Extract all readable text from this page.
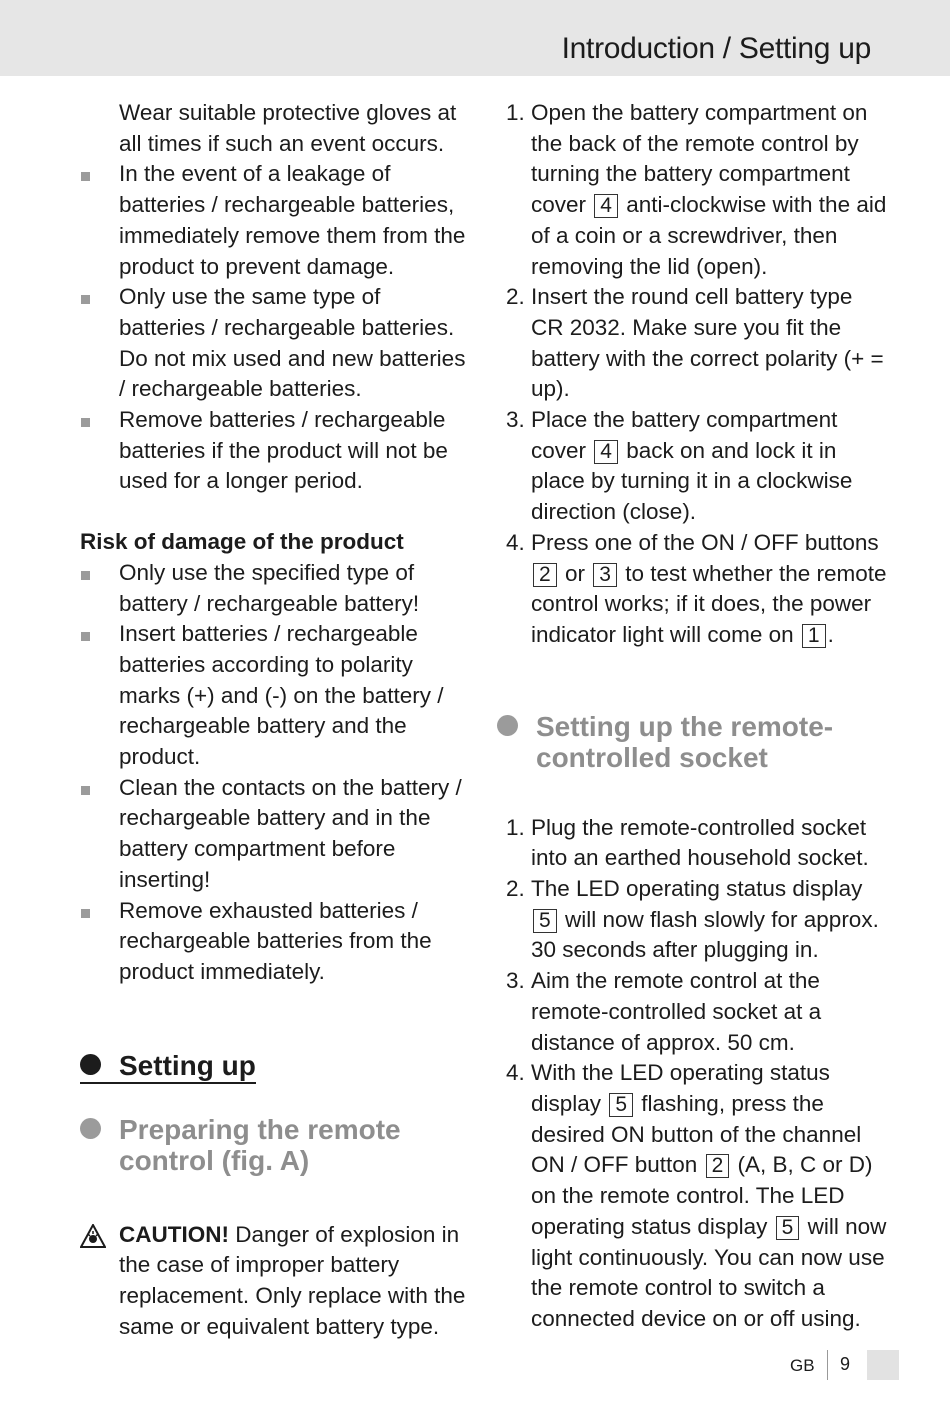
Introduction / Setting up

Wear suitable protective gloves at all times if such an event occurs.

In the event of a leakage of batteries / rechargeable batteries, immediately remove them from the product to prevent damage.
Only use the same type of batteries / rechargeable batteries. Do not mix used and new batteries / rechargeable batteries.
Remove batteries / rechargeable batteries if the product will not be used for a longer period.
Risk of damage of the product
Only use the specified type of battery / rechargeable battery!
Insert batteries / rechargeable batteries according to polarity marks (+) and (-) on the battery / rechargeable battery and the product.
Clean the contacts on the battery / rechargeable battery and in the battery compartment before inserting!
Remove exhausted batteries / rechargeable batteries from the product immediately.
Setting up
Preparing the remote control (fig. A)
CAUTION! Danger of explosion in the case of improper battery replacement. Only replace with the same or equivalent battery type.
1. Open the battery compartment on the back of the remote control by turning the battery compartment cover 4 anti-clockwise with the aid of a coin or a screwdriver, then removing the lid (open).
2. Insert the round cell battery type CR 2032. Make sure you fit the battery with the correct polarity (+ = up).
3. Place the battery compartment cover 4 back on and lock it in place by turning it in a clockwise direction (close).
4. Press one of the ON / OFF buttons 2 or 3 to test whether the remote control works; if it does, the power indicator light will come on 1 .
Setting up the remote-controlled socket
1. Plug the remote-controlled socket into an earthed household socket.
2. The LED operating status display 5 will now flash slowly for approx. 30 seconds after plugging in.
3. Aim the remote control at the remote-controlled socket at a distance of approx. 50 cm.
4. With the LED operating status display 5 flashing, press the desired ON button of the channel ON / OFF button 2 (A, B, C or D) on the remote control. The LED operating status display 5 will now light continuously. You can now use the remote control to switch a connected device on or off using.
GB 9
